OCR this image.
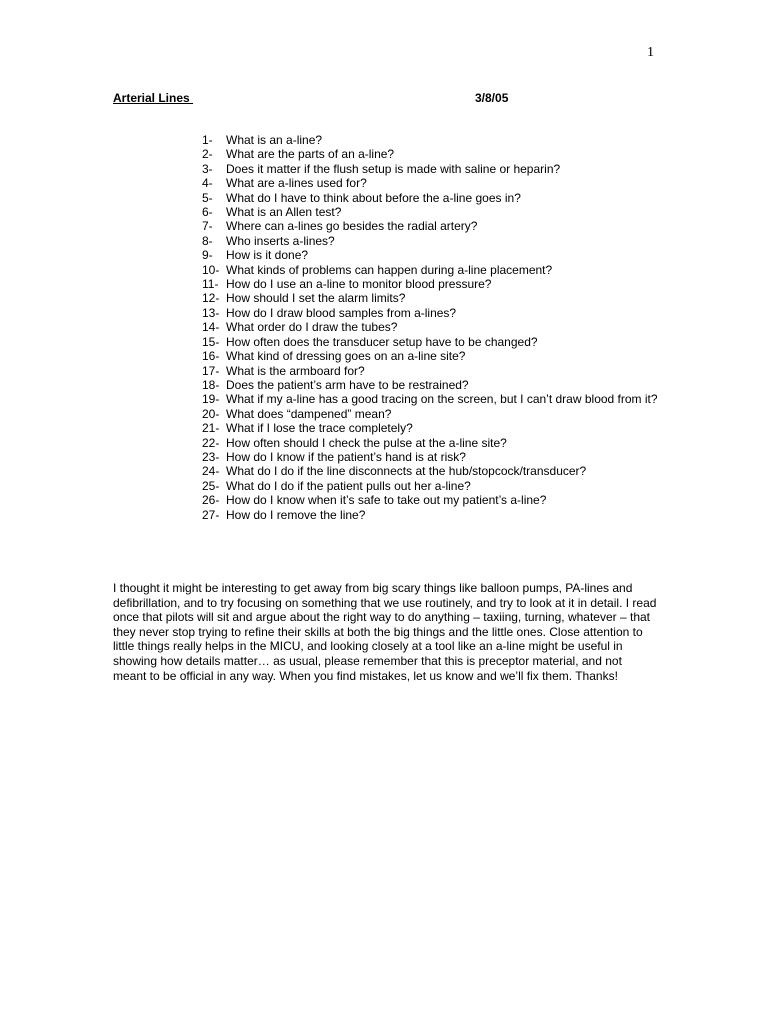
1
Arterial Lines	3/8/05
1-	What is an a-line?
2-	What are the parts of an a-line?
3-	Does it matter if the flush setup is made with saline or heparin?
4-	What are a-lines used for?
5-	What do I have to think about before the a-line goes in?
6-	What is an Allen test?
7-	Where can a-lines go besides the radial artery?
8-	Who inserts a-lines?
9-	How is it done?
10- What kinds of problems can happen during a-line placement?
11- How do I use an a-line to monitor blood pressure?
12- How should I set the alarm limits?
13- How do I draw blood samples from a-lines?
14- What order do I draw the tubes?
15- How often does the transducer setup have to be changed?
16- What kind of dressing goes on an a-line site?
17- What is the armboard for?
18- Does the patient’s arm have to be restrained?
19- What if my a-line has a good tracing on the screen, but I can’t draw blood from it?
20- What does “dampened” mean?
21- What if I lose the trace completely?
22- How often should I check the pulse at the a-line site?
23- How do I know if the patient’s hand is at risk?
24- What do I do if the line disconnects at the hub/stopcock/transducer?
25- What do I do if the patient pulls out her a-line?
26- How do I know when it’s safe to take out my patient’s a-line?
27- How do I remove the line?

I thought it might be interesting to get away from big scary things like balloon pumps, PA-lines and defibrillation, and to try focusing on something that we use routinely, and try to look at it in detail. I read once that pilots will sit and argue about the right way to do anything – taxiing, turning, whatever – that they never stop trying to refine their skills at both the big things and the little ones. Close attention to little things really helps in the MICU, and looking closely at a tool like an a-line might be useful in showing how details matter… as usual, please remember that this is preceptor material, and not meant to be official in any way. When you find mistakes, let us know and we’ll fix them. Thanks!
